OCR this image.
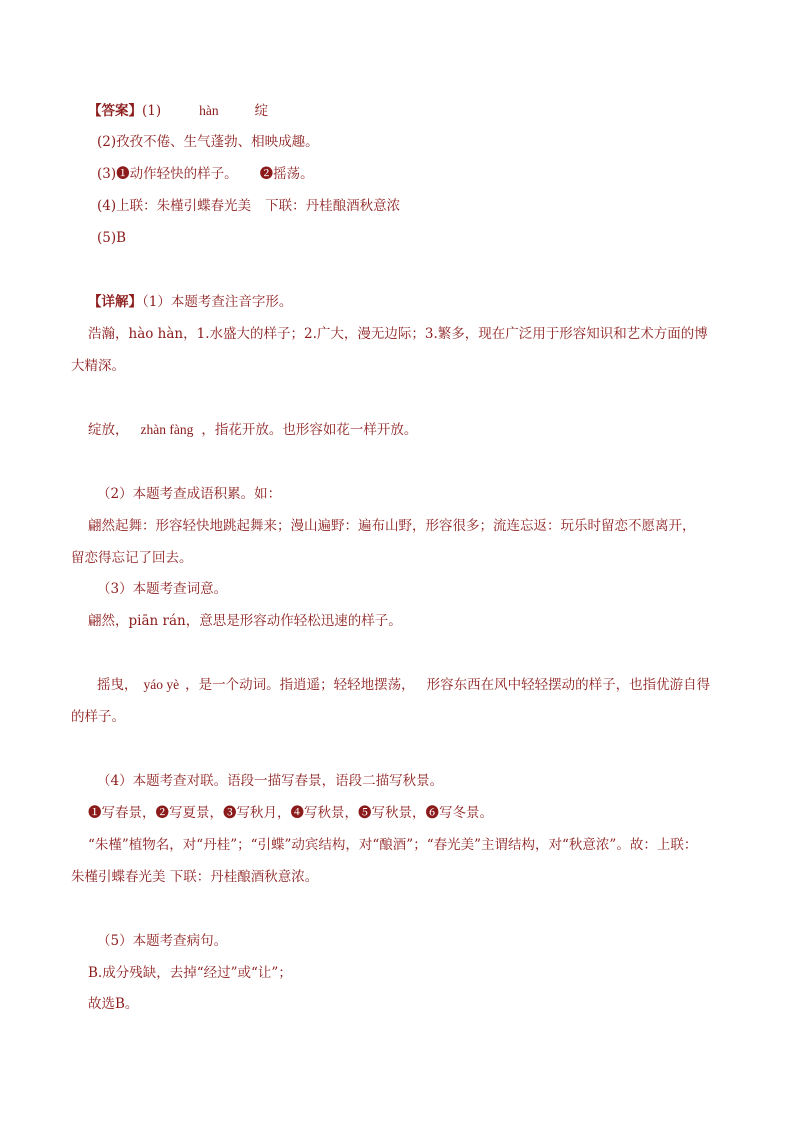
【答案】(1)	hàn	绽
(2)孜孜不倦、生气蓬勃、相映成趣。
(3)❶动作轻快的样子。 ❷摇荡。
(4)上联：朱槿引蝶春光美 下联：丹桂酿酒秋意浓
(5)B
【详解】（1）本题考查注音字形。
浩瀚，hào hàn，1.水盛大的样子；2.广大，漫无边际；3.繁多，现在广泛用于形容知识和艺术方面的博
大精深。
绽放， zhàn fàng ，指花开放。也形容如花一样开放。
（2）本题考查成语积累。如：
翩然起舞：形容轻快地跳起舞来；漫山遍野：遍布山野，形容很多；流连忘返：玩乐时留恋不愿离开，
留恋得忘记了回去。
（3）本题考查词意。
翩然，piān rán，意思是形容动作轻松迅速的样子。
摇曳， yáo yè ，是一个动词。指逍遥；轻轻地摆荡， 形容东西在风中轻轻摆动的样子，也指优游自得
的样子。
（4）本题考查对联。语段一描写春景，语段二描写秋景。
❶写春景，❷写夏景，❸写秋月，❹写秋景，❺写秋景，❻写冬景。
“朱槿”植物名，对“丹桂”；“引蝶”动宾结构，对“酿酒”；“春光美”主谓结构，对“秋意浓”。故：上联：
朱槿引蝶春光美 下联：丹桂酿酒秋意浓。
（5）本题考查病句。
B.成分残缺，去掉“经过”或“让”；
故选B。
